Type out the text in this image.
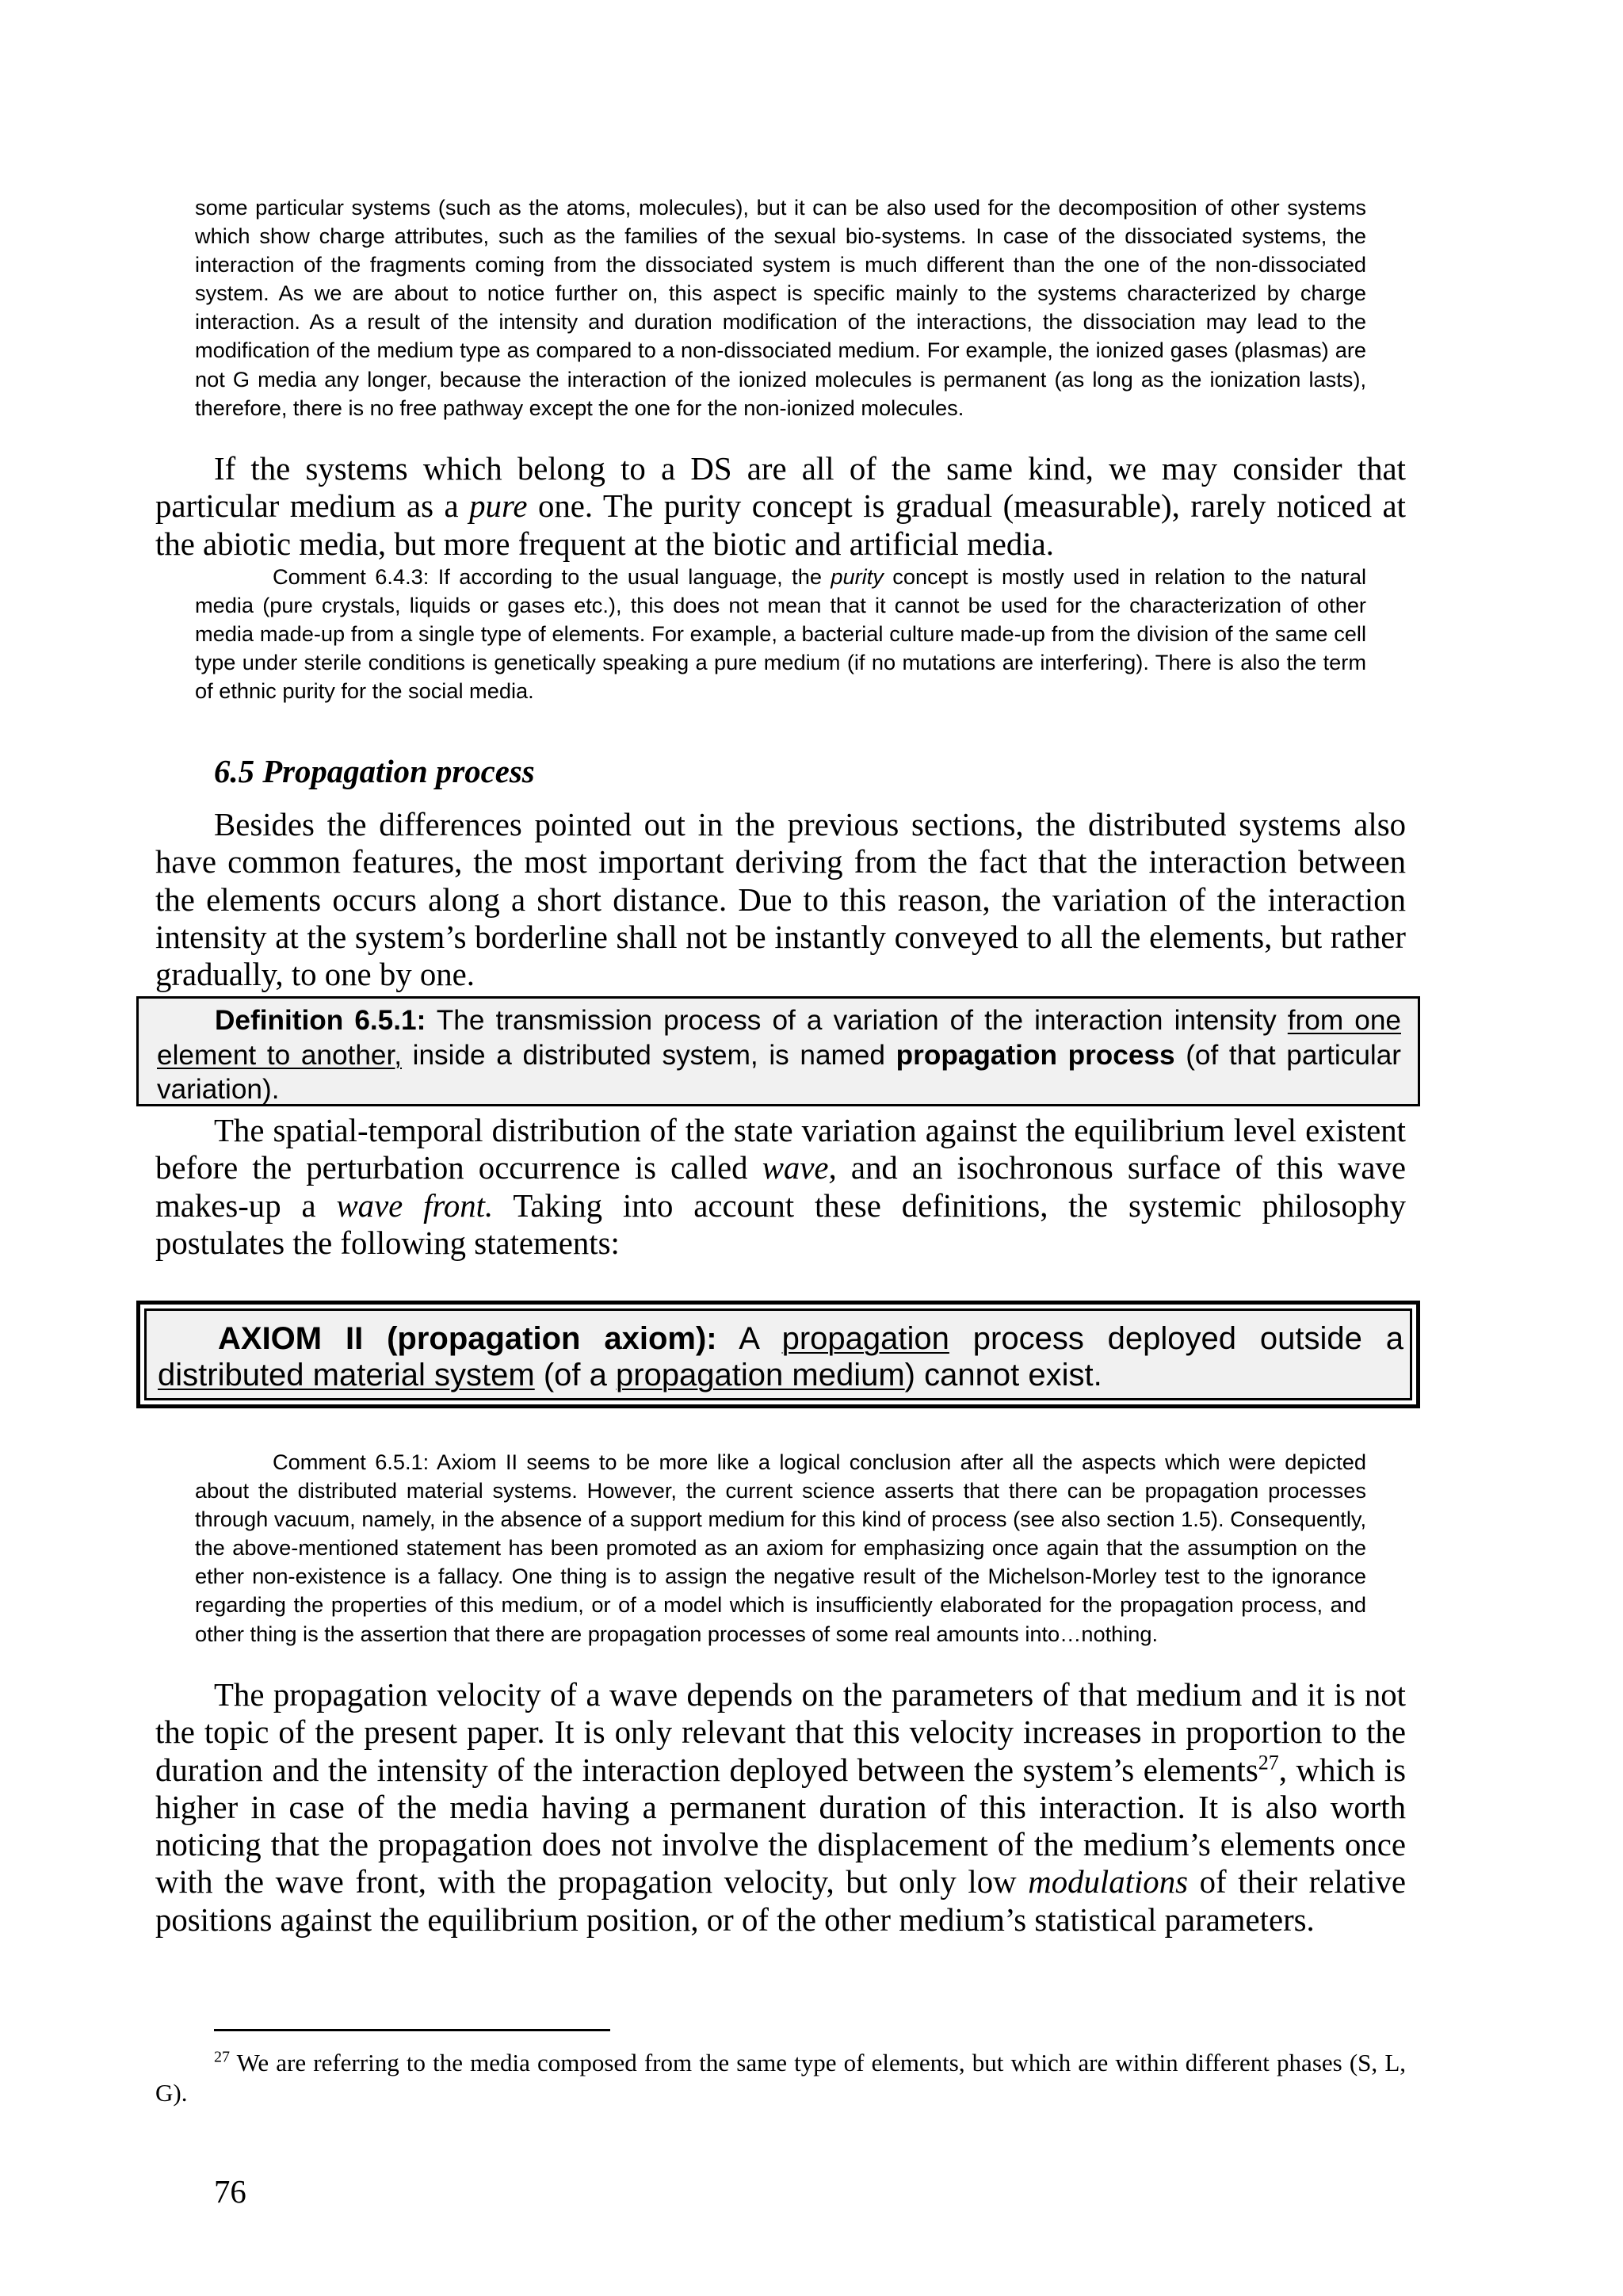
some particular systems (such as the atoms, molecules), but it can be also used for the decomposition of other systems which show charge attributes, such as the families of the sexual bio-systems. In case of the dissociated systems, the interaction of the fragments coming from the dissociated system is much different than the one of the non-dissociated system. As we are about to notice further on, this aspect is specific mainly to the systems characterized by charge interaction. As a result of the intensity and duration modification of the interactions, the dissociation may lead to the modification of the medium type as compared to a non-dissociated medium. For example, the ionized gases (plasmas) are not G media any longer, because the interaction of the ionized molecules is permanent (as long as the ionization lasts), therefore, there is no free pathway except the one for the non-ionized molecules.

If the systems which belong to a DS are all of the same kind, we may consider that particular medium as a pure one. The purity concept is gradual (measurable), rarely noticed at the abiotic media, but more frequent at the biotic and artificial media.

Comment 6.4.3: If according to the usual language, the purity concept is mostly used in relation to the natural media (pure crystals, liquids or gases etc.), this does not mean that it cannot be used for the characterization of other media made-up from a single type of elements. For example, a bacterial culture made-up from the division of the same cell type under sterile conditions is genetically speaking a pure medium (if no mutations are interfering). There is also the term of ethnic purity for the social media.

6.5 Propagation process

Besides the differences pointed out in the previous sections, the distributed systems also have common features, the most important deriving from the fact that the interaction between the elements occurs along a short distance. Due to this reason, the variation of the interaction intensity at the system’s borderline shall not be instantly conveyed to all the elements, but rather gradually, to one by one.

Definition 6.5.1: The transmission process of a variation of the interaction intensity from one element to another, inside a distributed system, is named propagation process (of that particular variation).

The spatial-temporal distribution of the state variation against the equilibrium level existent before the perturbation occurrence is called wave, and an isochronous surface of this wave makes-up a wave front. Taking into account these definitions, the systemic philosophy postulates the following statements:

AXIOM II (propagation axiom): A propagation process deployed outside a distributed material system (of a propagation medium) cannot exist.

Comment 6.5.1: Axiom II seems to be more like a logical conclusion after all the aspects which were depicted about the distributed material systems. However, the current science asserts that there can be propagation processes through vacuum, namely, in the absence of a support medium for this kind of process (see also section 1.5). Consequently, the above-mentioned statement has been promoted as an axiom for emphasizing once again that the assumption on the ether non-existence is a fallacy. One thing is to assign the negative result of the Michelson-Morley test to the ignorance regarding the properties of this medium, or of a model which is insufficiently elaborated for the propagation process, and other thing is the assertion that there are propagation processes of some real amounts into…nothing.

The propagation velocity of a wave depends on the parameters of that medium and it is not the topic of the present paper. It is only relevant that this velocity increases in proportion to the duration and the intensity of the interaction deployed between the system’s elements$^{27}$, which is higher in case of the media having a permanent duration of this interaction. It is also worth noticing that the propagation does not involve the displacement of the medium’s elements once with the wave front, with the propagation velocity, but only low modulations of their relative positions against the equilibrium position, or of the other medium’s statistical parameters.

$^{27}$ We are referring to the media composed from the same type of elements, but which are within different phases (S, L, G).

76
